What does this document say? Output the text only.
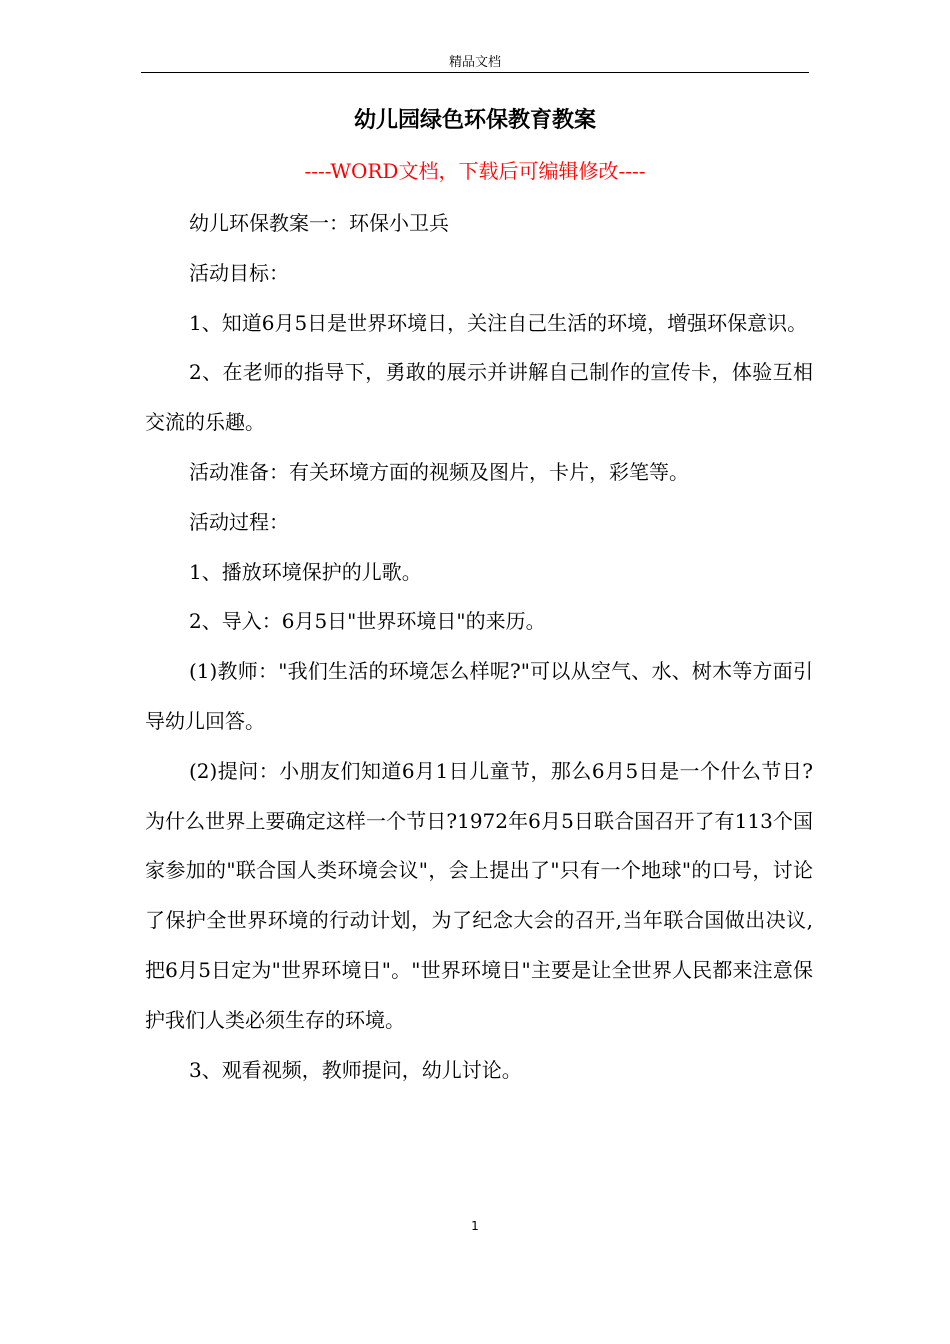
精品文档
幼儿园绿色环保教育教案
----WORD文档，下载后可编辑修改----

幼儿环保教案一：环保小卫兵

活动目标：

1、知道6月5日是世界环境日，关注自己生活的环境，增强环保意识。

2、在老师的指导下，勇敢的展示并讲解自己制作的宣传卡，体验互相交流的乐趣。

活动准备：有关环境方面的视频及图片，卡片，彩笔等。

活动过程：

1、播放环境保护的儿歌。

2、导入：6月5日"世界环境日"的来历。

(1)教师："我们生活的环境怎么样呢?"可以从空气、水、树木等方面引导幼儿回答。

(2)提问：小朋友们知道6月1日儿童节，那么6月5日是一个什么节日?为什么世界上要确定这样一个节日?1972年6月5日联合国召开了有113个国家参加的"联合国人类环境会议"，会上提出了"只有一个地球"的口号，讨论了保护全世界环境的行动计划，为了纪念大会的召开,当年联合国做出决议,把6月5日定为"世界环境日"。"世界环境日"主要是让全世界人民都来注意保护我们人类必须生存的环境。

3、观看视频，教师提问，幼儿讨论。

1
